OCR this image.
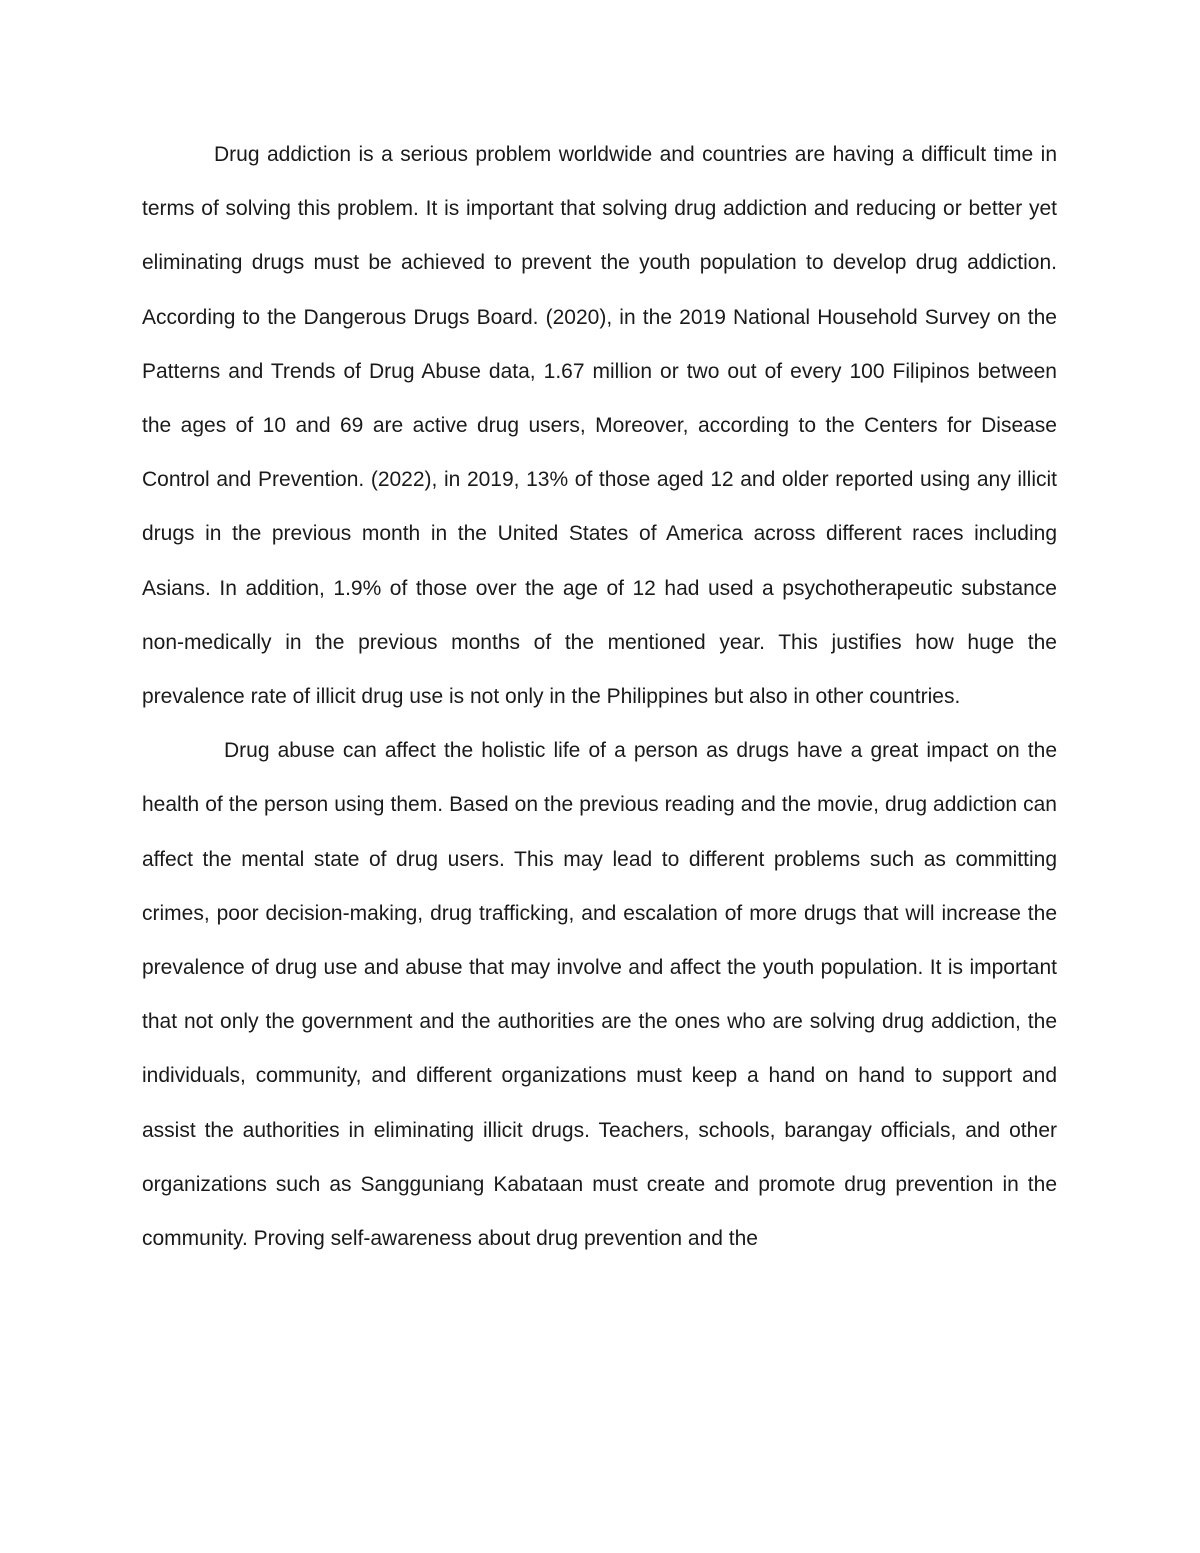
Drug addiction is a serious problem worldwide and countries are having a difficult time in terms of solving this problem. It is important that solving drug addiction and reducing or better yet eliminating drugs must be achieved to prevent the youth population to develop drug addiction. According to the Dangerous Drugs Board. (2020), in the 2019 National Household Survey on the Patterns and Trends of Drug Abuse data, 1.67 million or two out of every 100 Filipinos between the ages of 10 and 69 are active drug users, Moreover, according to the Centers for Disease Control and Prevention. (2022), in 2019, 13% of those aged 12 and older reported using any illicit drugs in the previous month in the United States of America across different races including Asians. In addition, 1.9% of those over the age of 12 had used a psychotherapeutic substance non-medically in the previous months of the mentioned year. This justifies how huge the prevalence rate of illicit drug use is not only in the Philippines but also in other countries.

Drug abuse can affect the holistic life of a person as drugs have a great impact on the health of the person using them. Based on the previous reading and the movie, drug addiction can affect the mental state of drug users. This may lead to different problems such as committing crimes, poor decision-making, drug trafficking, and escalation of more drugs that will increase the prevalence of drug use and abuse that may involve and affect the youth population. It is important that not only the government and the authorities are the ones who are solving drug addiction, the individuals, community, and different organizations must keep a hand on hand to support and assist the authorities in eliminating illicit drugs. Teachers, schools, barangay officials, and other organizations such as Sangguniang Kabataan must create and promote drug prevention in the community. Proving self-awareness about drug prevention and the
